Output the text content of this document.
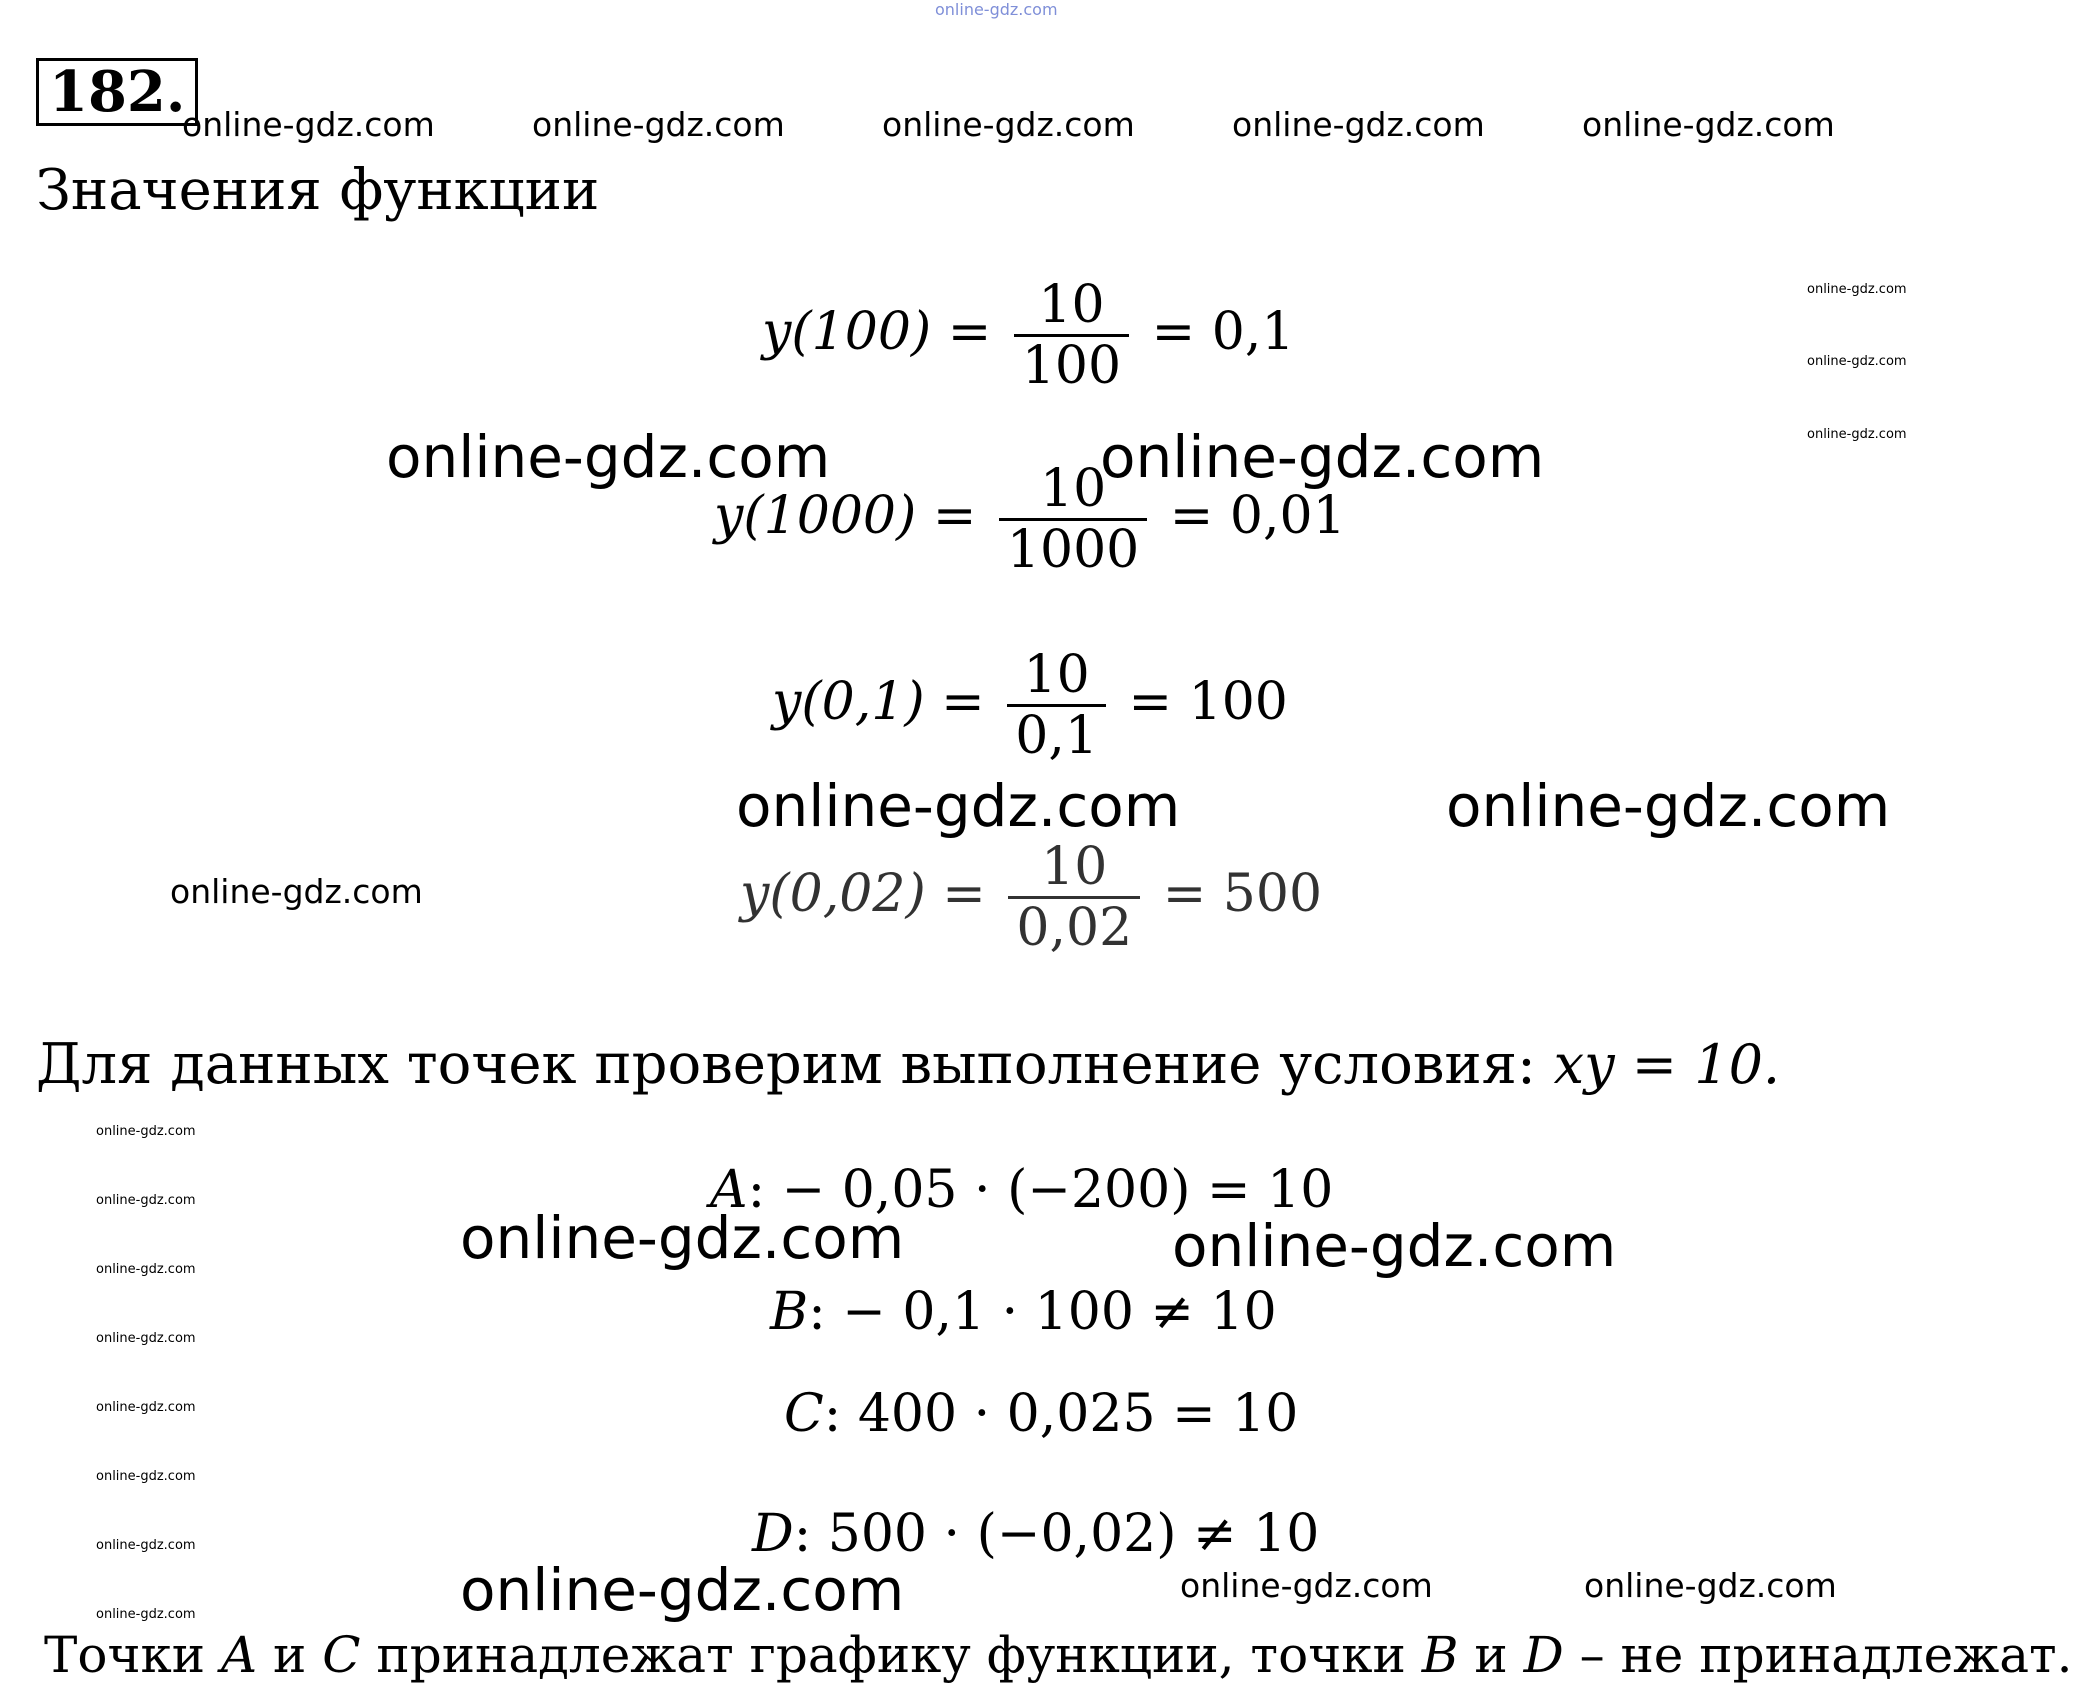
online-gdz.com
182.
online-gdz.com	online-gdz.com	online-gdz.com	online-gdz.com	online-gdz.com
Значения функции
online-gdz.com
online-gdz.com
online-gdz.com
$y(100) = \frac{10}{100} = 0,1$
online-gdz.com	online-gdz.com
$y(1000) = \frac{10}{1000} = 0,01$
$y(0,1) = \frac{10}{0,1} = 100$
online-gdz.com	online-gdz.com
online-gdz.com	$y(0,02) = \frac{10}{0,02} = 500$
Для данных точек проверим выполнение условия: xy = 10.
online-gdz.com
online-gdz.com
online-gdz.com
online-gdz.com
online-gdz.com
online-gdz.com
online-gdz.com
online-gdz.com
A: − 0,05 · (−200) = 10
online-gdz.com	online-gdz.com
B: − 0,1 · 100 ≠ 10
C: 400 · 0,025 = 10
D: 500 · (−0,02) ≠ 10
online-gdz.com	online-gdz.com	online-gdz.com
Точки A и C принадлежат графику функции, точки B и D – не принадлежат.
